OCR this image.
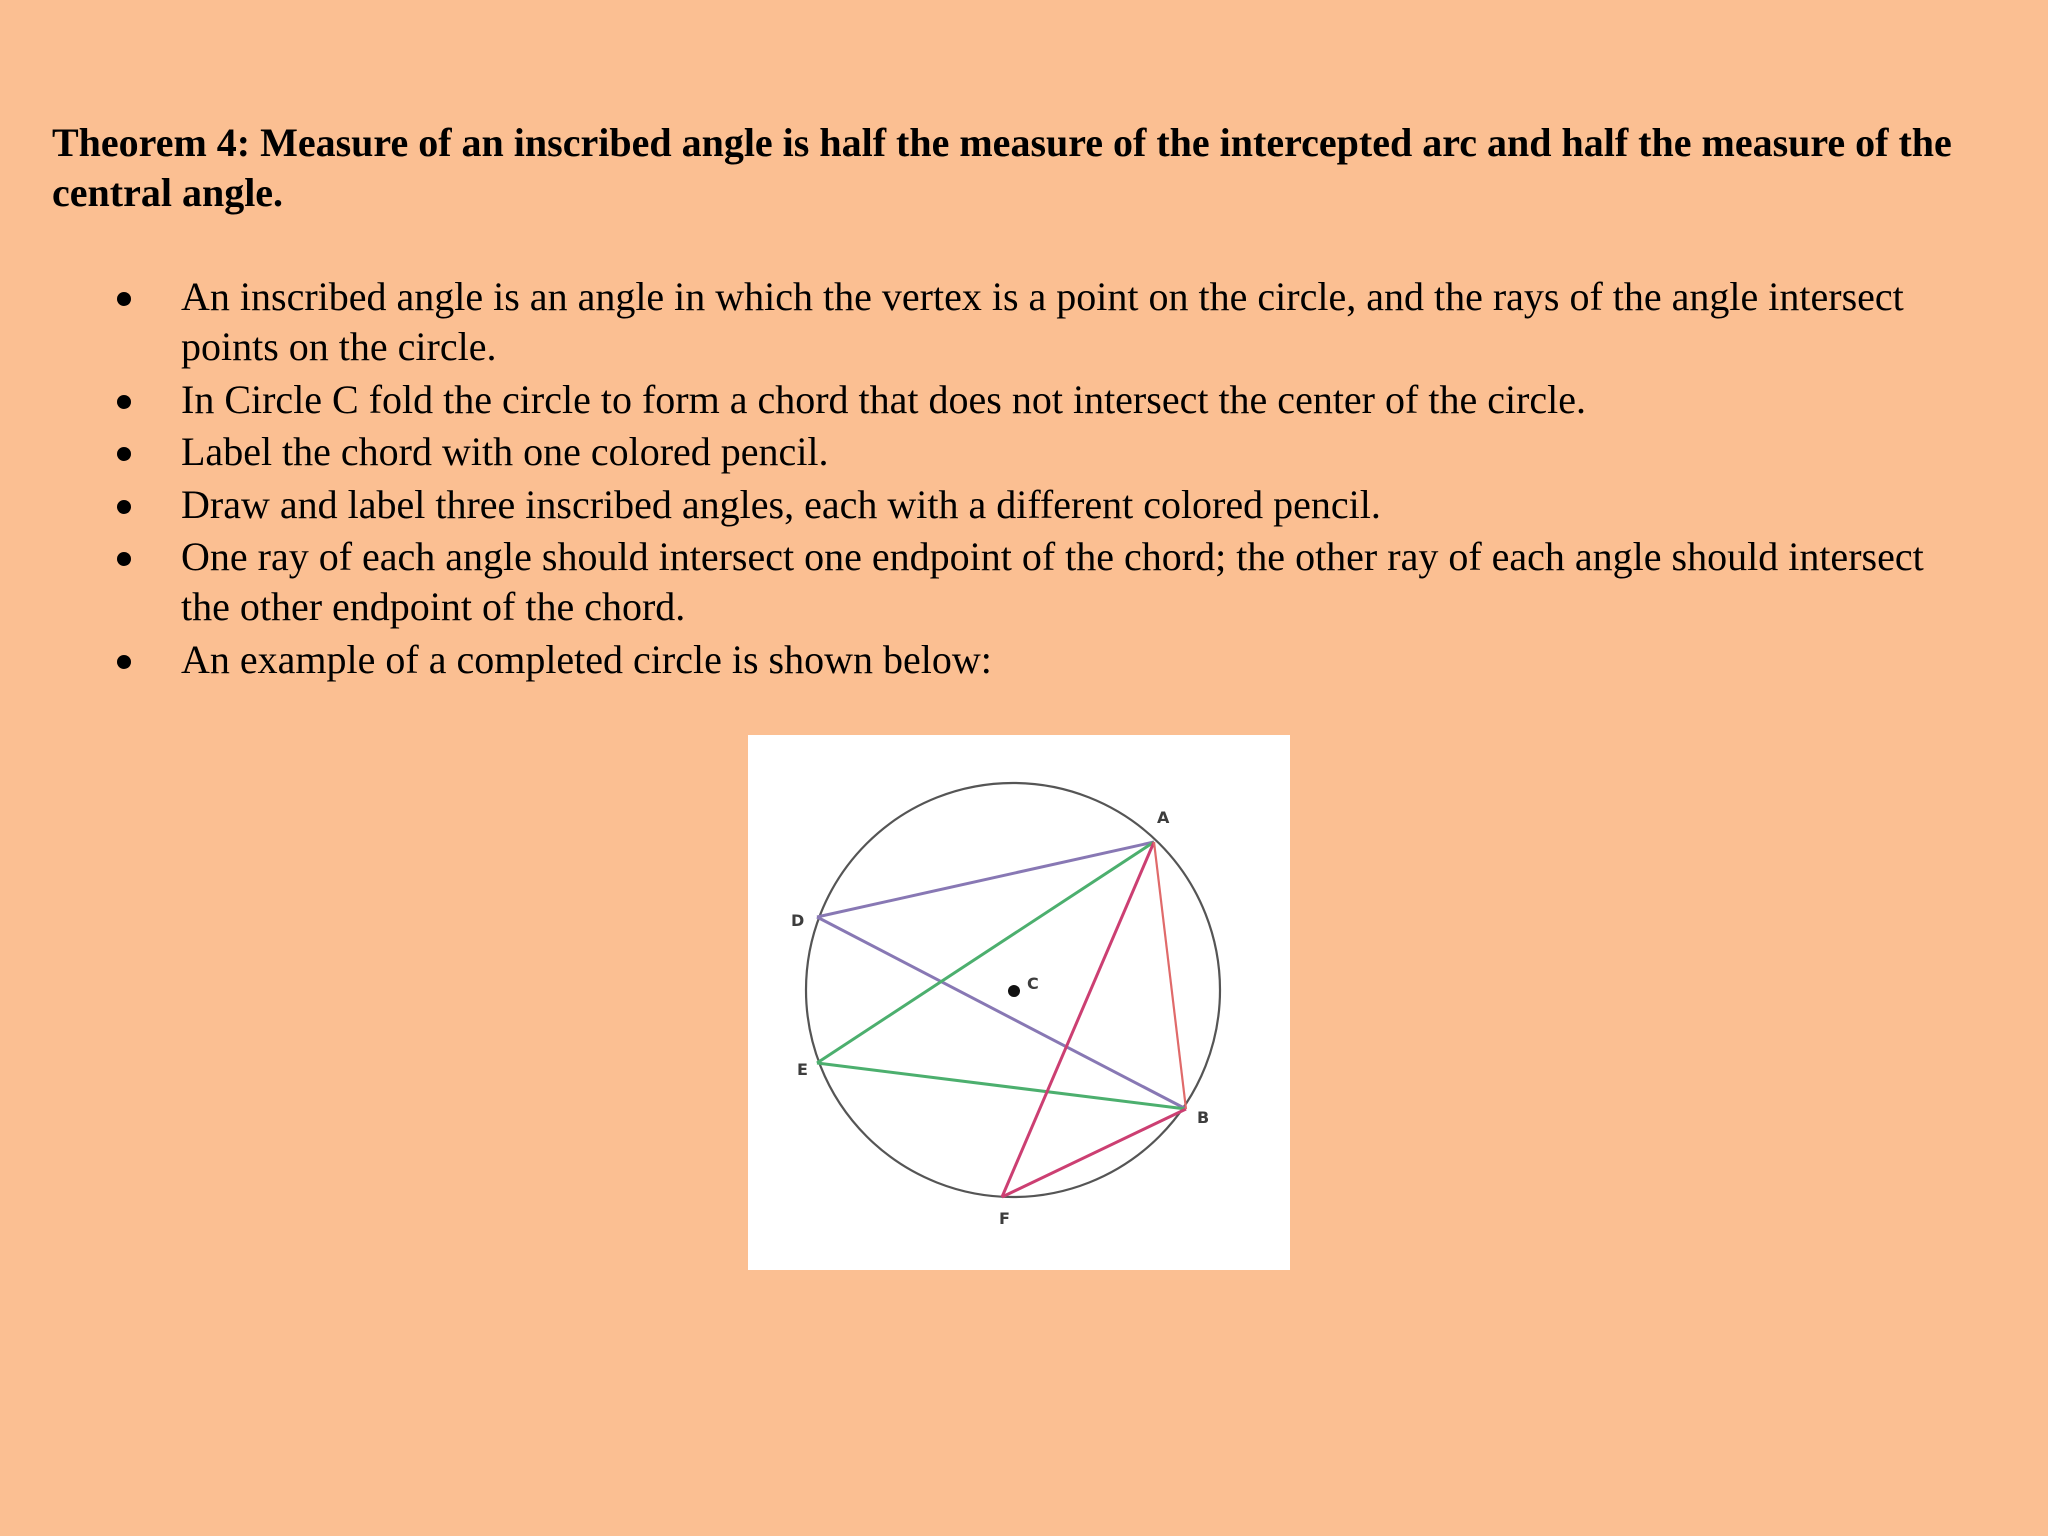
Theorem 4: Measure of an inscribed angle is half the measure of the intercepted arc and half the measure of the central angle.
An inscribed angle is an angle in which the vertex is a point on the circle, and the rays of the angle intersect points on the circle.
In Circle C fold the circle to form a chord that does not intersect the center of the circle.
Label the chord with one colored pencil.
Draw and label three inscribed angles, each with a different colored pencil.
One ray of each angle should intersect one endpoint of the chord; the other ray of each angle should intersect the other endpoint of the chord.
An example of a completed circle is shown below:
A
B
C
D
E
F
